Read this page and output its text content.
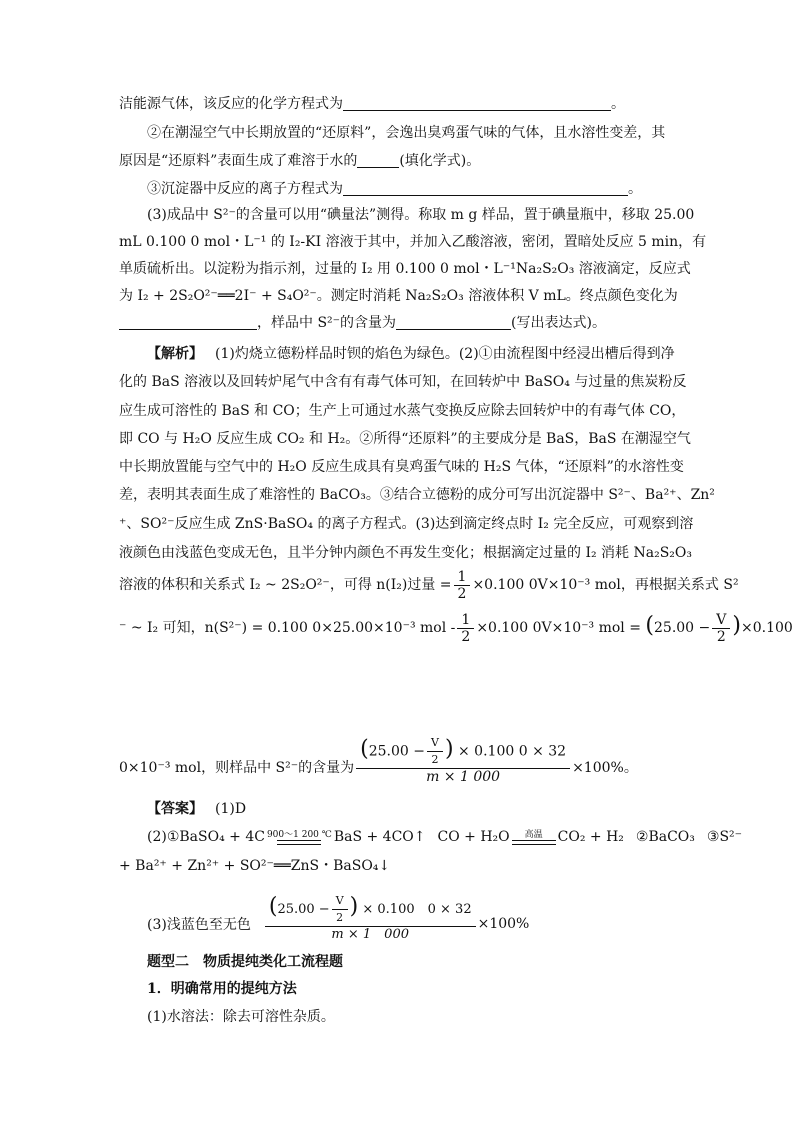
洁能源气体，该反应的化学方程式为	。
②在潮湿空气中长期放置的“还原料”，会逸出臭鸡蛋气味的气体，且水溶性变差，其
原因是“还原料”表面生成了难溶于水的	(填化学式)。
③沉淀器中反应的离子方程式为	。
(3)成品中 S²⁻的含量可以用“碘量法”测得。称取 m g 样品，置于碘量瓶中，移取 25.00
mL 0.100 0 mol・L⁻¹ 的 I₂-KI 溶液于其中，并加入乙酸溶液，密闭，置暗处反应 5 min，有
单质硫析出。以淀粉为指示剂，过量的 I₂ 用 0.100 0 mol・L⁻¹Na₂S₂O₃ 溶液滴定，反应式
为 I₂ + 2S₂O²⁻══2I⁻ + S₄O²⁻。测定时消耗 Na₂S₂O₃ 溶液体积 V mL。终点颜色变化为
，样品中 S²⁻的含量为	(写出表达式)。
【解析】 (1)灼烧立德粉样品时钡的焰色为绿色。(2)①由流程图中经浸出槽后得到净
化的 BaS 溶液以及回转炉尾气中含有有毒气体可知，在回转炉中 BaSO₄ 与过量的焦炭粉反
应生成可溶性的 BaS 和 CO；生产上可通过水蒸气变换反应除去回转炉中的有毒气体 CO，
即 CO 与 H₂O 反应生成 CO₂ 和 H₂。②所得“还原料”的主要成分是 BaS，BaS 在潮湿空气
中长期放置能与空气中的 H₂O 反应生成具有臭鸡蛋气味的 H₂S 气体，“还原料”的水溶性变
差，表明其表面生成了难溶性的 BaCO₃。③结合立德粉的成分可写出沉淀器中 S²⁻、Ba²⁺、Zn²
⁺、SO²⁻反应生成 ZnS·BaSO₄ 的离子方程式。(3)达到滴定终点时 I₂ 完全反应，可观察到溶
液颜色由浅蓝色变成无色，且半分钟内颜色不再发生变化；根据滴定过量的 I₂ 消耗 Na₂S₂O₃
溶液的体积和关系式 I₂ ~ 2S₂O²⁻，可得 n(I₂)过量 = $\frac{1}{2} \times 0.100$ 0V×10⁻³ mol，再根据关系式 S²
⁻ ~ I₂ 可知，n(S²⁻) = 0.100 0×25.00×10⁻³ mol - $\frac{1}{2} \times 0.100$ 0V×10⁻³ mol = $(25.00 - \frac{V}{2} )\times 0.100$
0×10⁻³ mol，则样品中 S²⁻的含量为 $\frac{(25.00 - \frac{V}{2} ) \times 0.100 0 \times 32}{m \times 1 000} \times 100\%$。
【答案】 (1)D
(2)①BaSO₄ + 4C 900～1 200 ℃ BaS + 4CO↑ CO + H₂O 高温 CO₂ + H₂ ②BaCO₃ ③S²⁻
+ Ba²⁺ + Zn²⁺ + SO²⁻══ZnS・BaSO₄↓
(3)浅蓝色至无色 $\frac{(25.00 - \frac{V}{2} ) \times 0.100 0 \times 32}{m \times 1 000} \times 100\%$
题型二　物质提纯类化工流程题
1．明确常用的提纯方法
(1)水溶法：除去可溶性杂质。
